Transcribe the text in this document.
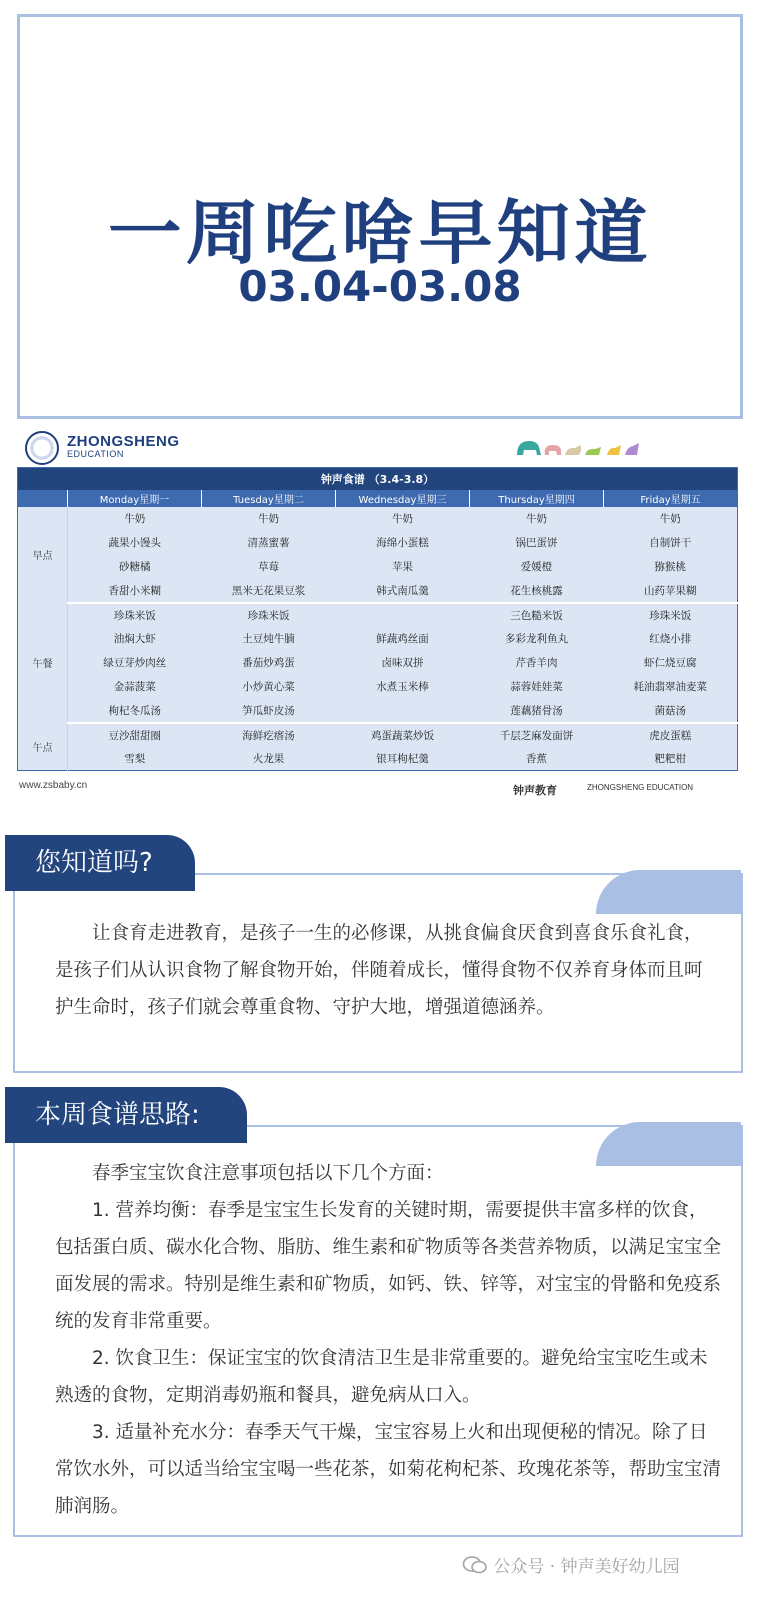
一周吃啥早知道
03.04-03.08
ZHONGSHENG
EDUCATION
钟声食谱 （3.4-3.8）					
	Monday星期一	Tuesday星期二	Wednesday星期三	Thursday星期四	Friday星期五
早点	牛奶	牛奶	牛奶	牛奶	牛奶
	蔬果小馒头	清蒸蜜薯	海绵小蛋糕	锅巴蛋饼	自制饼干
	砂糖橘	草莓	苹果	爱媛橙	猕猴桃
	香甜小米糊	黑米无花果豆浆	韩式南瓜羹	花生核桃露	山药苹果糊
午餐	珍珠米饭	珍珠米饭		三色糙米饭	珍珠米饭
	油焖大虾	土豆炖牛腩	鲜蔬鸡丝面	多彩龙利鱼丸	红烧小排
	绿豆芽炒肉丝	番茄炒鸡蛋	卤味双拼	芹香羊肉	虾仁烧豆腐
	金蒜菠菜	小炒黄心菜	水煮玉米棒	蒜蓉娃娃菜	耗油翡翠油麦菜
	枸杞冬瓜汤	笋瓜虾皮汤		莲藕猪骨汤	菌菇汤
午点	豆沙甜甜圈	海鲜疙瘩汤	鸡蛋蔬菜炒饭	千层芝麻发面饼	虎皮蛋糕
	雪梨	火龙果	银耳枸杞羹	香蕉	粑粑柑
www.zsbaby.cn	钟声教育	ZHONGSHENG EDUCATION
您知道吗?

让食育走进教育，是孩子一生的必修课，从挑食偏食厌食到喜食乐食礼食，是孩子们从认识食物了解食物开始，伴随着成长，懂得食物不仅养育身体而且呵护生命时，孩子们就会尊重食物、守护大地，增强道德涵养。

本周食谱思路:

春季宝宝饮食注意事项包括以下几个方面：

1. 营养均衡：春季是宝宝生长发育的关键时期，需要提供丰富多样的饮食，包括蛋白质、碳水化合物、脂肪、维生素和矿物质等各类营养物质，以满足宝宝全面发展的需求。特别是维生素和矿物质，如钙、铁、锌等，对宝宝的骨骼和免疫系统的发育非常重要。

2. 饮食卫生：保证宝宝的饮食清洁卫生是非常重要的。避免给宝宝吃生或未熟透的食物，定期消毒奶瓶和餐具，避免病从口入。

3. 适量补充水分：春季天气干燥，宝宝容易上火和出现便秘的情况。除了日常饮水外，可以适当给宝宝喝一些花茶，如菊花枸杞茶、玫瑰花茶等，帮助宝宝清肺润肠。

公众号 · 钟声美好幼儿园
